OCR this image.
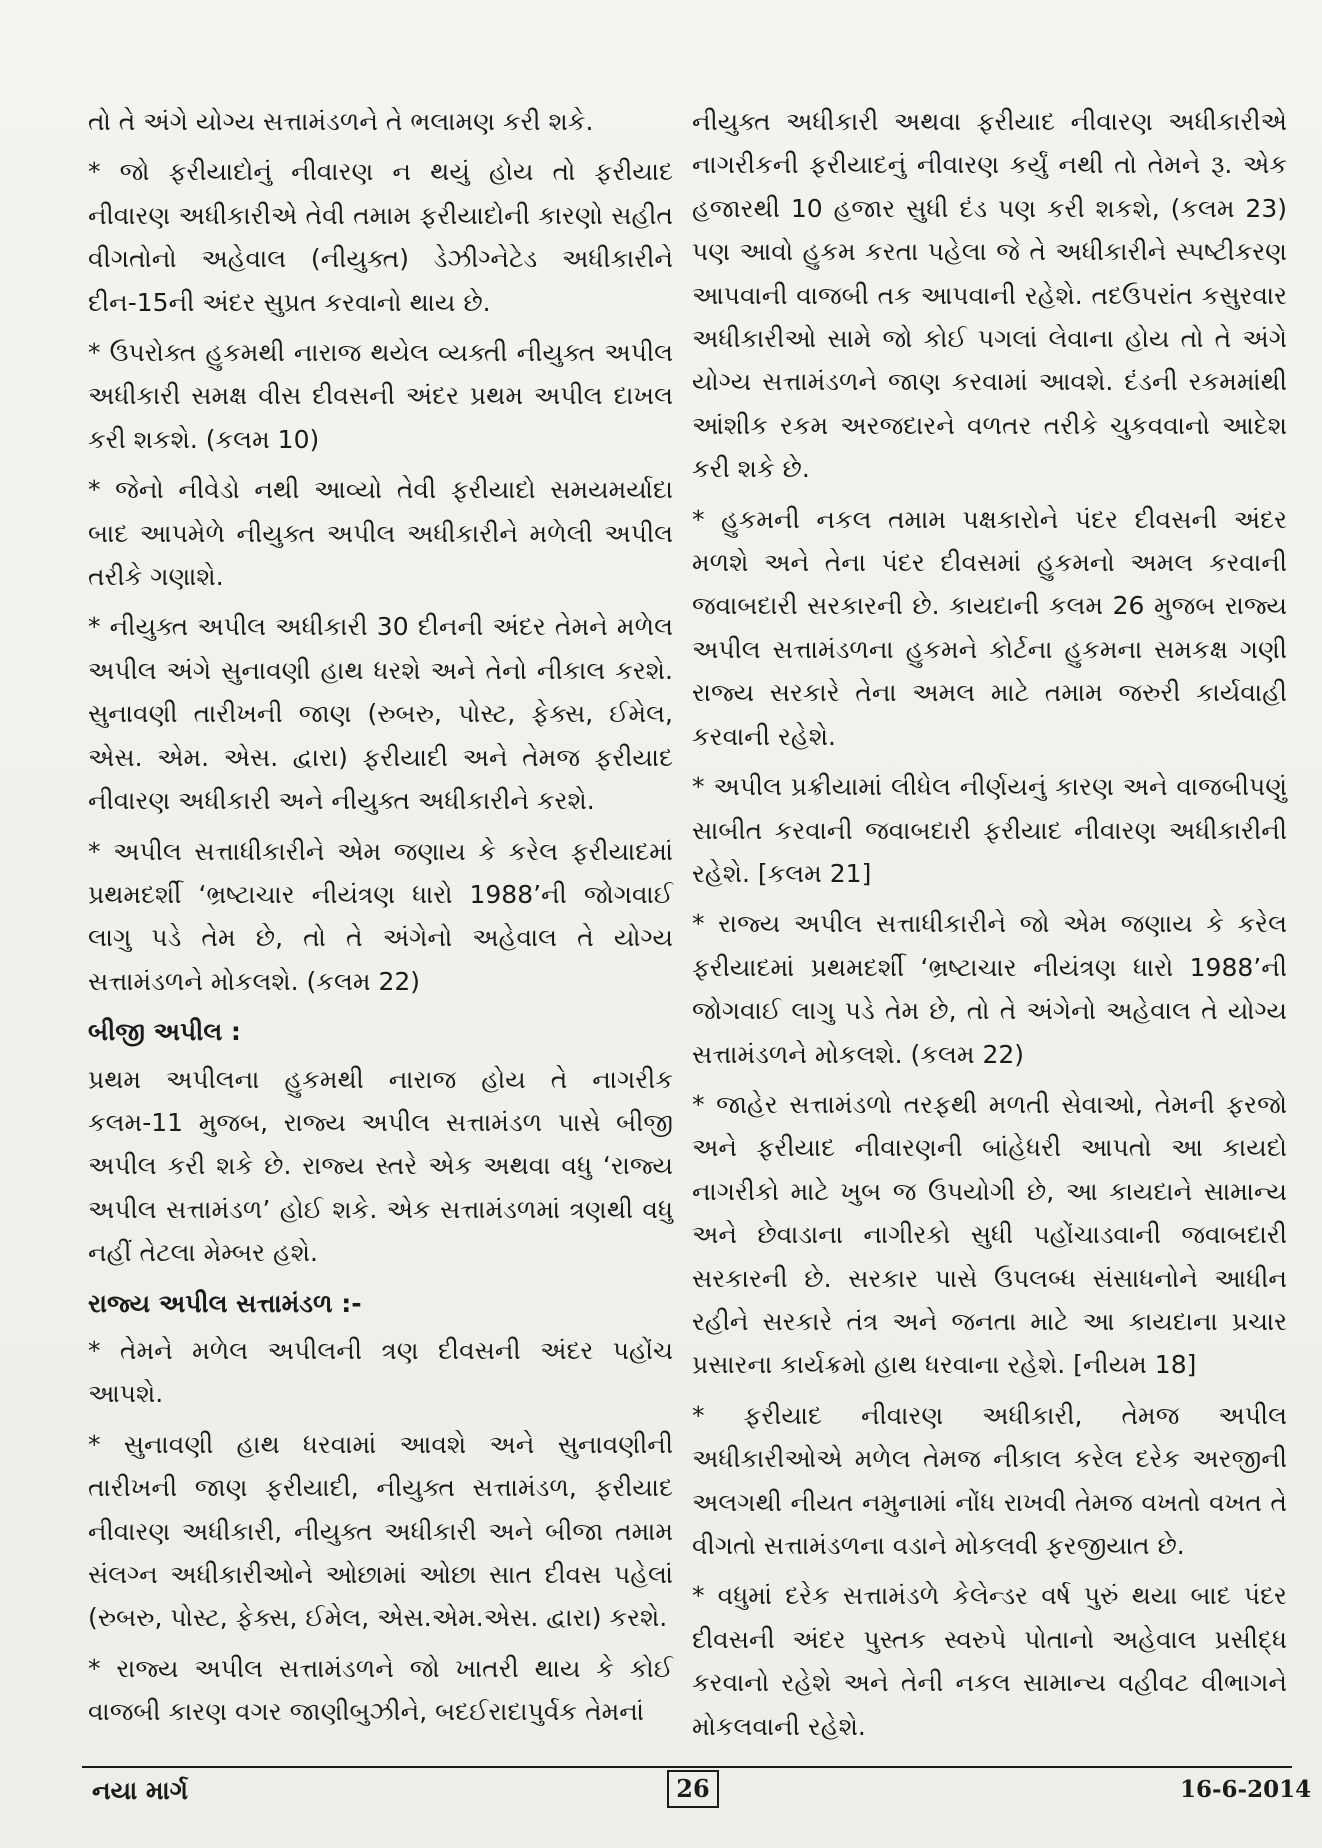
તો તે અંગે યોગ્ય સત્તામંડળને તે ભલામણ કરી શકે.

* જો ફરીયાદોનું નીવારણ ન થયું હોય તો ફરીયાદ નીવારણ અધીકારીએ તેવી તમામ ફરીયાદોની કારણો સહીત વીગતોનો અહેવાલ (નીયુક્ત) ડેઝીગ્નેટેડ અધીકારીને દીન-15ની અંદર સુપ્રત કરવાનો થાય છે.

* ઉપરોક્ત હુકમથી નારાજ થયેલ વ્યક્તી નીયુક્ત અપીલ અધીકારી સમક્ષ વીસ દીવસની અંદર પ્રથમ અપીલ દાખલ કરી શકશે. (કલમ 10)

* જેનો નીવેડો નથી આવ્યો તેવી ફરીયાદો સમયમર્યાદા બાદ આપમેળે નીયુક્ત અપીલ અધીકારીને મળેલી અપીલ તરીકે ગણાશે.

* નીયુક્ત અપીલ અધીકારી 30 દીનની અંદર તેમને મળેલ અપીલ અંગે સુનાવણી હાથ ધરશે અને તેનો નીકાલ કરશે. સુનાવણી તારીખની જાણ (રુબરુ, પોસ્ટ, ફેક્સ, ઈમેલ, એસ. એમ. એસ. દ્વારા) ફરીયાદી અને તેમજ ફરીયાદ નીવારણ અધીકારી અને નીયુક્ત અધીકારીને કરશે.

* અપીલ સત્તાધીકારીને એમ જણાય કે કરેલ ફરીયાદમાં પ્રથમદર્શી ‘ભ્રષ્ટાચાર નીયંત્રણ ધારો 1988’ની જોગવાઈ લાગુ પડે તેમ છે, તો તે અંગેનો અહેવાલ તે યોગ્ય સત્તામંડળને મોકલશે. (કલમ 22)

બીજી અપીલ :

પ્રથમ અપીલના હુકમથી નારાજ હોય તે નાગરીક કલમ-11 મુજબ, રાજ્ય અપીલ સત્તામંડળ પાસે બીજી અપીલ કરી શકે છે. રાજ્ય સ્તરે એક અથવા વધુ ‘રાજ્ય અપીલ સત્તામંડળ’ હોઈ શકે. એક સત્તામંડળમાં ત્રણથી વધુ નહીં તેટલા મેમ્બર હશે.

રાજ્ય અપીલ સત્તામંડળ :-

* તેમને મળેલ અપીલની ત્રણ દીવસની અંદર પહોંચ આપશે.

* સુનાવણી હાથ ધરવામાં આવશે અને સુનાવણીની તારીખની જાણ ફરીયાદી, નીયુક્ત સત્તામંડળ, ફરીયાદ નીવારણ અધીકારી, નીયુક્ત અધીકારી અને બીજા તમામ સંલગ્ન અધીકારીઓને ઓછામાં ઓછા સાત દીવસ પહેલાં (રુબરુ, પોસ્ટ, ફેક્સ, ઈમેલ, એસ.એમ.એસ. દ્વારા) કરશે.

* રાજ્ય અપીલ સત્તામંડળને જો ખાતરી થાય કે કોઈ વાજબી કારણ વગર જાણીબુઝીને, બદઈરાદાપુર્વક તેમનાં

નીયુક્ત અધીકારી અથવા ફરીયાદ નીવારણ અધીકારીએ નાગરીકની ફરીયાદનું નીવારણ કર્યું નથી તો તેમને રૂ. એક હજારથી 10 હજાર સુધી દંડ પણ કરી શકશે, (કલમ 23) પણ આવો હુકમ કરતા પહેલા જે તે અધીકારીને સ્પષ્ટીકરણ આપવાની વાજબી તક આપવાની રહેશે. તદઉપરાંત કસુરવાર અધીકારીઓ સામે જો કોઈ પગલાં લેવાના હોય તો તે અંગે યોગ્ય સત્તામંડળને જાણ કરવામાં આવશે. દંડની રકમમાંથી આંશીક રકમ અરજદારને વળતર તરીકે ચુકવવાનો આદેશ કરી શકે છે.

* હુકમની નકલ તમામ પક્ષકારોને પંદર દીવસની અંદર મળશે અને તેના પંદર દીવસમાં હુકમનો અમલ કરવાની જવાબદારી સરકારની છે. કાયદાની કલમ 26 મુજબ રાજ્ય અપીલ સત્તામંડળના હુકમને કોર્ટના હુકમના સમકક્ષ ગણી રાજ્ય સરકારે તેના અમલ માટે તમામ જરુરી કાર્યવાહી કરવાની રહેશે.

* અપીલ પ્રક્રીયામાં લીધેલ નીર્ણયનું કારણ અને વાજબીપણું સાબીત કરવાની જવાબદારી ફરીયાદ નીવારણ અધીકારીની રહેશે. [કલમ 21]

* રાજ્ય અપીલ સત્તાધીકારીને જો એમ જણાય કે કરેલ ફરીયાદમાં પ્રથમદર્શી ‘ભ્રષ્ટાચાર નીયંત્રણ ધારો 1988’ની જોગવાઈ લાગુ પડે તેમ છે, તો તે અંગેનો અહેવાલ તે યોગ્ય સત્તામંડળને મોકલશે. (કલમ 22)

* જાહેર સત્તામંડળો તરફથી મળતી સેવાઓ, તેમની ફરજો અને ફરીયાદ નીવારણની બાંહેધરી આપતો આ કાયદો નાગરીકો માટે ખુબ જ ઉપયોગી છે, આ કાયદાને સામાન્ય અને છેવાડાના નાગીરકો સુધી પહોંચાડવાની જવાબદારી સરકારની છે. સરકાર પાસે ઉપલબ્ધ સંસાધનોને આધીન રહીને સરકારે તંત્ર અને જનતા માટે આ કાયદાના પ્રચાર પ્રસારના કાર્યક્રમો હાથ ધરવાના રહેશે. [નીયમ 18]

* ફરીયાદ નીવારણ અધીકારી, તેમજ અપીલ અધીકારીઓએ મળેલ તેમજ નીકાલ કરેલ દરેક અરજીની અલગથી નીયત નમુનામાં નોંધ રાખવી તેમજ વખતો વખત તે વીગતો સત્તામંડળના વડાને મોકલવી ફરજીયાત છે.

* વધુમાં દરેક સત્તામંડળે કેલેન્ડર વર્ષ પુરું થયા બાદ પંદર દીવસની અંદર પુસ્તક સ્વરુપે પોતાનો અહેવાલ પ્રસીદ્ધ કરવાનો રહેશે અને તેની નકલ સામાન્ય વહીવટ વીભાગને મોકલવાની રહેશે.

નયા માર્ગ	26	16-6-2014
